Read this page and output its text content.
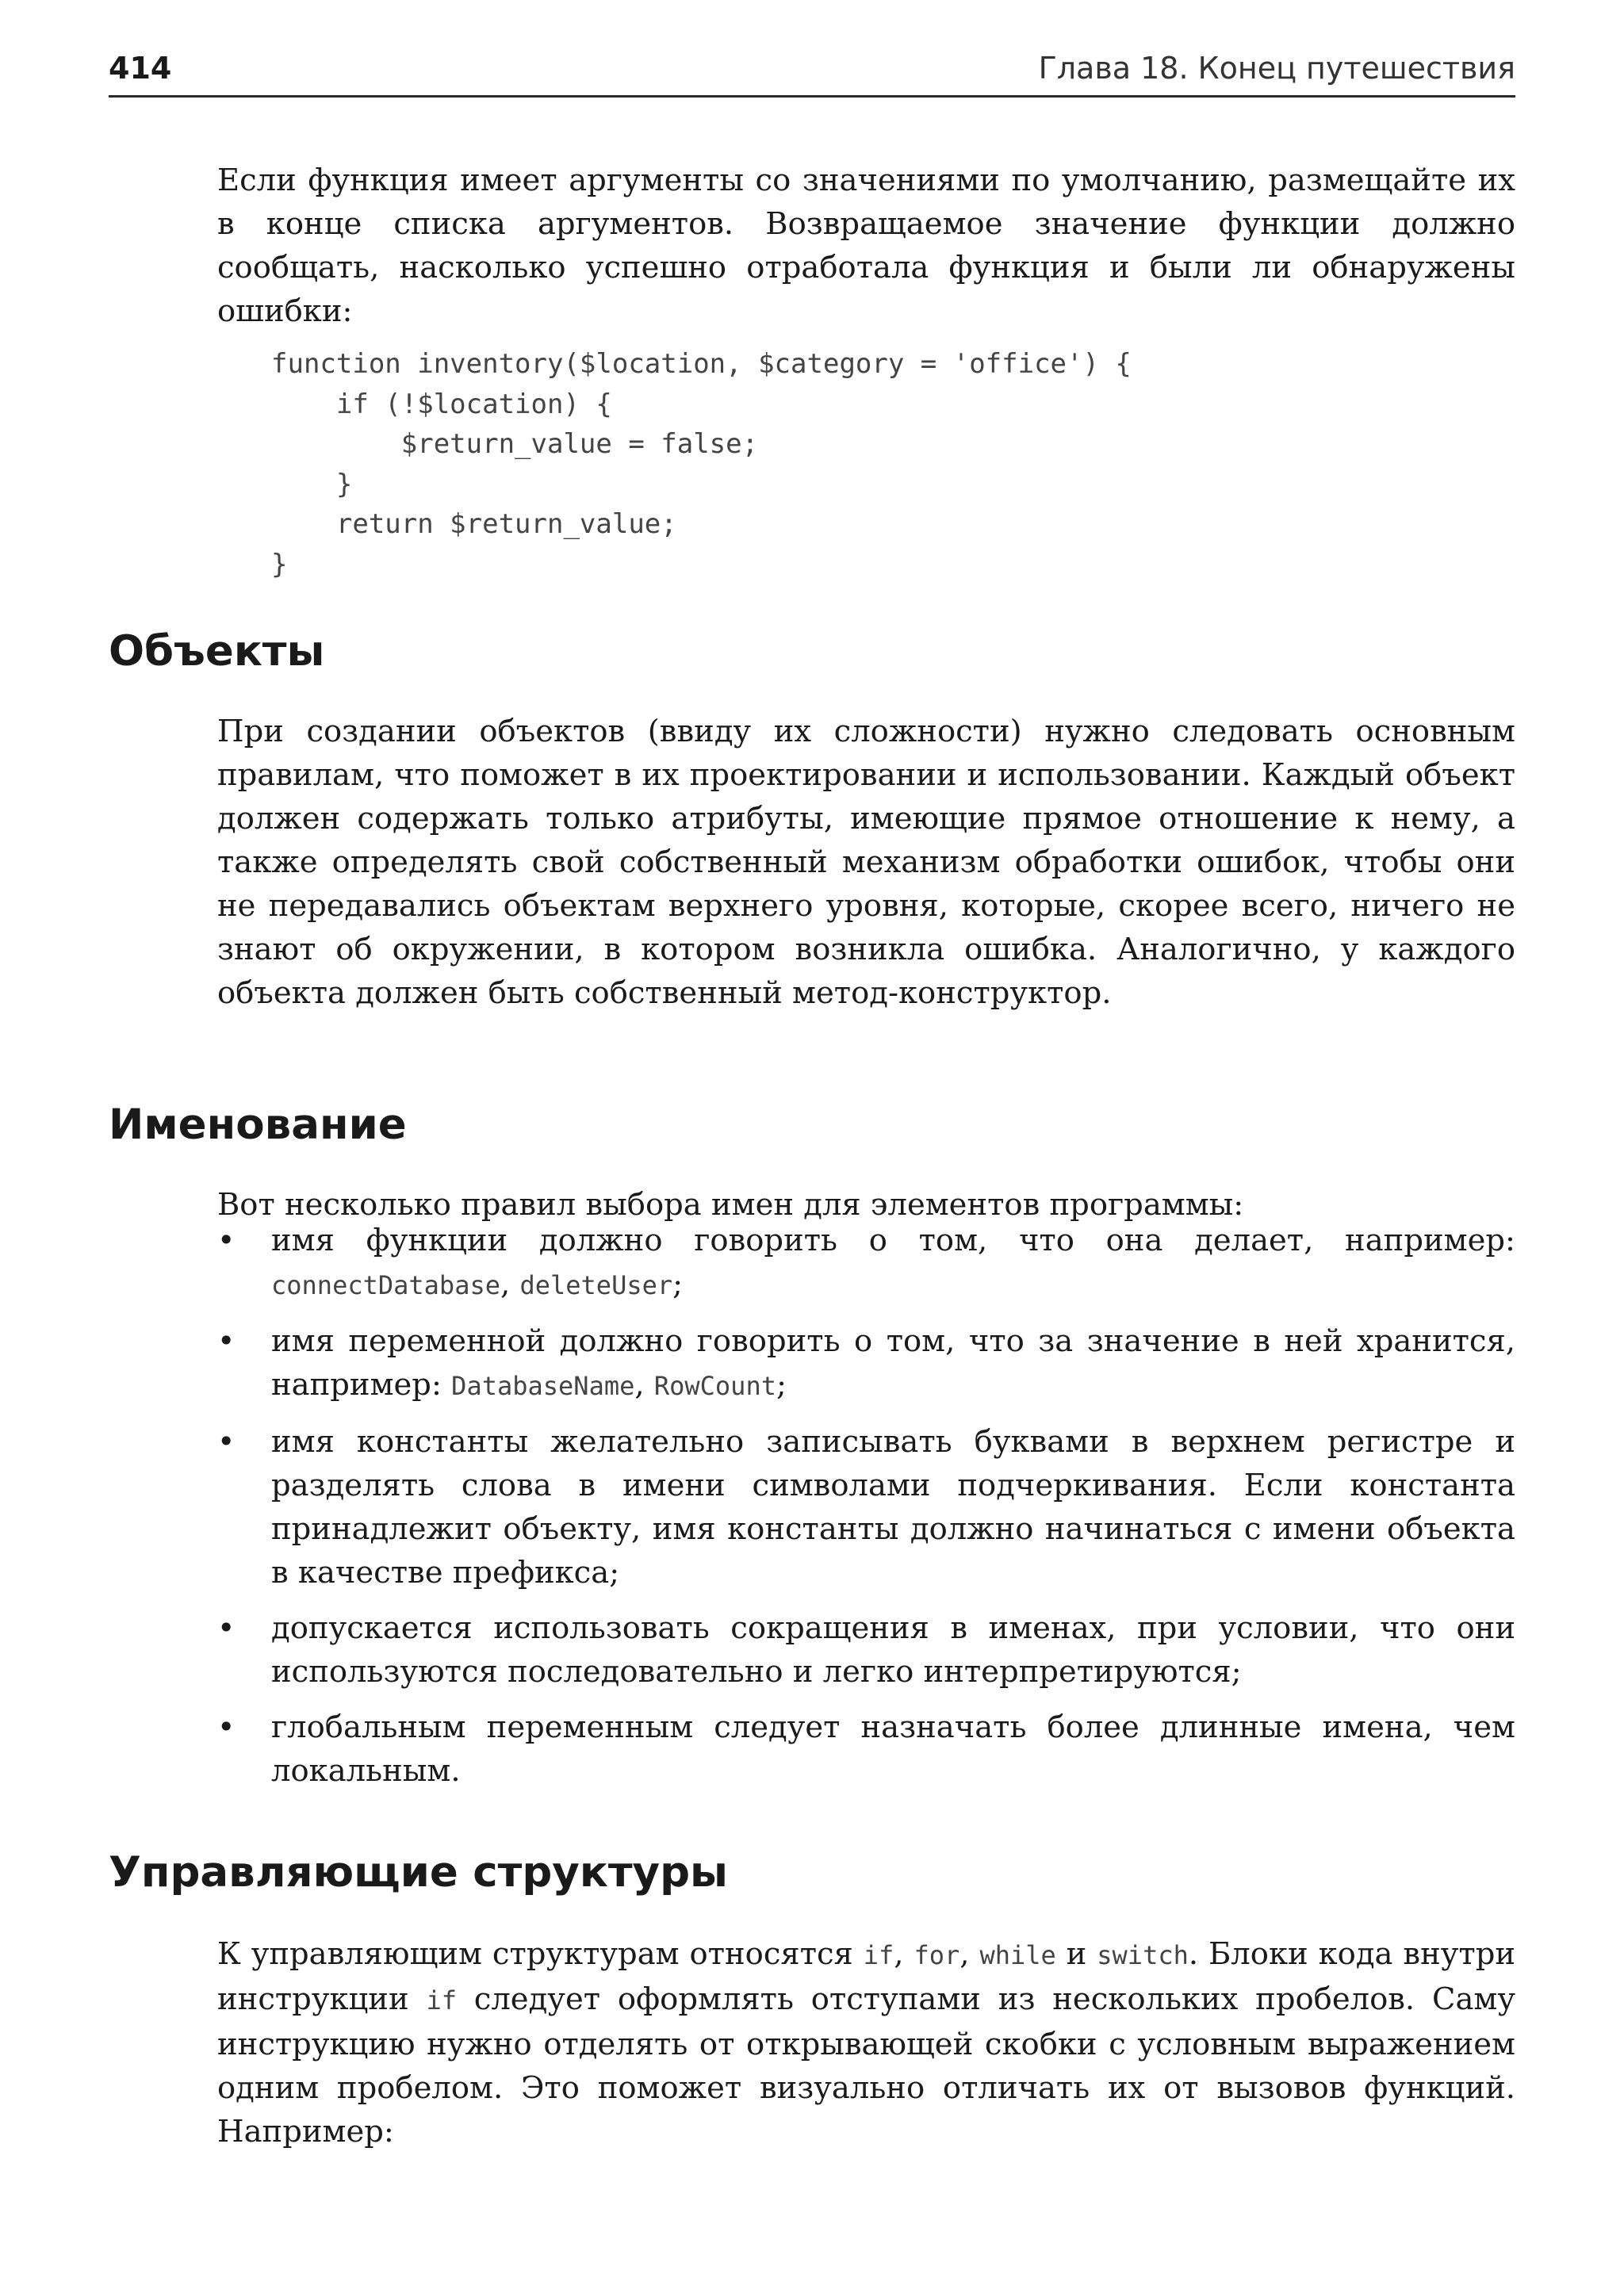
414	Глава 18. Конец путешествия

Если функция имеет аргументы со значениями по умолчанию, размещайте их в конце списка аргументов. Возвращаемое значение функции должно сообщать, насколько успешно отработала функция и были ли обнаружены ошибки:

function inventory($location, $category = 'office') {
if (!$location) {
$return_value = false;
}
return $return_value;
}
Объекты

При создании объектов (ввиду их сложности) нужно следовать основным правилам, что поможет в их проектировании и использовании. Каждый объект должен содержать только атрибуты, имеющие прямое отношение к нему, а также определять свой собственный механизм обработки ошибок, чтобы они не передавались объектам верхнего уровня, которые, скорее всего, ничего не знают об окружении, в котором возникла ошибка. Аналогично, у каждого объекта должен быть собственный метод-конструктор.

Именование

Вот несколько правил выбора имен для элементов программы:

• имя функции должно говорить о том, что она делает, например: connectDatabase, deleteUser;
• имя переменной должно говорить о том, что за значение в ней хранится, например: DatabaseName, RowCount;
• имя константы желательно записывать буквами в верхнем регистре и разделять слова в имени символами подчеркивания. Если константа принадлежит объекту, имя константы должно начинаться с имени объекта в качестве префикса;
• допускается использовать сокращения в именах, при условии, что они используются последовательно и легко интерпретируются;
• глобальным переменным следует назначать более длинные имена, чем локальным.
Управляющие структуры

К управляющим структурам относятся if, for, while и switch. Блоки кода внутри инструкции if следует оформлять отступами из нескольких пробелов. Саму инструкцию нужно отделять от открывающей скобки с условным выражением одним пробелом. Это поможет визуально отличать их от вызовов функций. Например:
